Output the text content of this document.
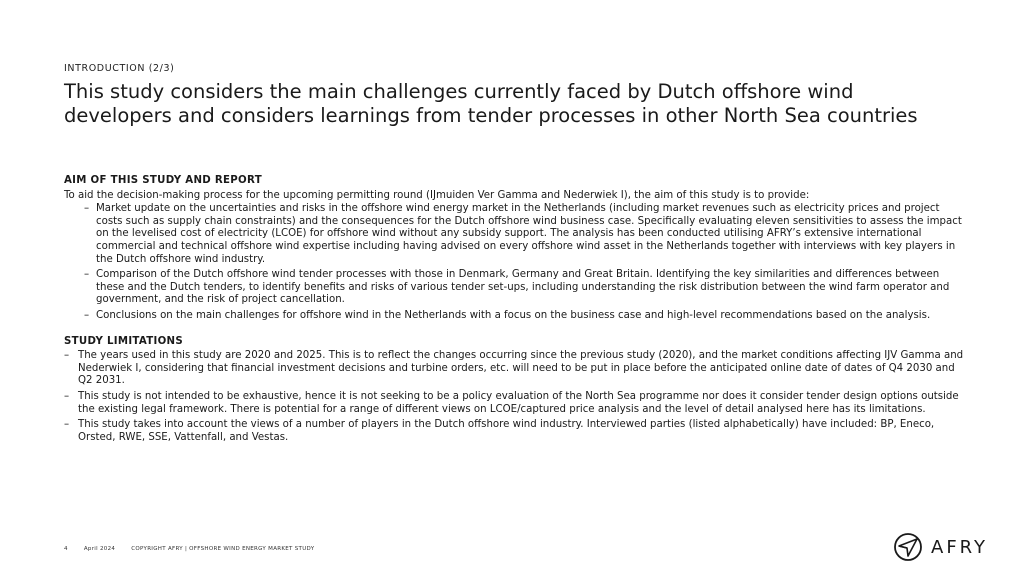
INTRODUCTION (2/3)
This study considers the main challenges currently faced by Dutch offshore wind developers and considers learnings from tender processes in other North Sea countries
AIM OF THIS STUDY AND REPORT

To aid the decision-making process for the upcoming permitting round (IJmuiden Ver Gamma and Nederwiek I), the aim of this study is to provide:

– Market update on the uncertainties and risks in the offshore wind energy market in the Netherlands (including market revenues such as electricity prices and project costs such as supply chain constraints) and the consequences for the Dutch offshore wind business case. Specifically evaluating eleven sensitivities to assess the impact on the levelised cost of electricity (LCOE) for offshore wind without any subsidy support. The analysis has been conducted utilising AFRY’s extensive international commercial and technical offshore wind expertise including having advised on every offshore wind asset in the Netherlands together with interviews with key players in the Dutch offshore wind industry.
– Comparison of the Dutch offshore wind tender processes with those in Denmark, Germany and Great Britain. Identifying the key similarities and differences between these and the Dutch tenders, to identify benefits and risks of various tender set-ups, including understanding the risk distribution between the wind farm operator and government, and the risk of project cancellation.
– Conclusions on the main challenges for offshore wind in the Netherlands with a focus on the business case and high-level recommendations based on the analysis.
STUDY LIMITATIONS
– The years used in this study are 2020 and 2025. This is to reflect the changes occurring since the previous study (2020), and the market conditions affecting IJV Gamma and Nederwiek I, considering that financial investment decisions and turbine orders, etc. will need to be put in place before the anticipated online date of dates of Q4 2030 and Q2 2031.
– This study is not intended to be exhaustive, hence it is not seeking to be a policy evaluation of the North Sea programme nor does it consider tender design options outside the existing legal framework. There is potential for a range of different views on LCOE/captured price analysis and the level of detail analysed here has its limitations.
– This study takes into account the views of a number of players in the Dutch offshore wind industry. Interviewed parties (listed alphabetically) have included: BP, Eneco, Orsted, RWE, SSE, Vattenfall, and Vestas.
4	April 2024	COPYRIGHT AFRY | OFFSHORE WIND ENERGY MARKET STUDY	AFRY
